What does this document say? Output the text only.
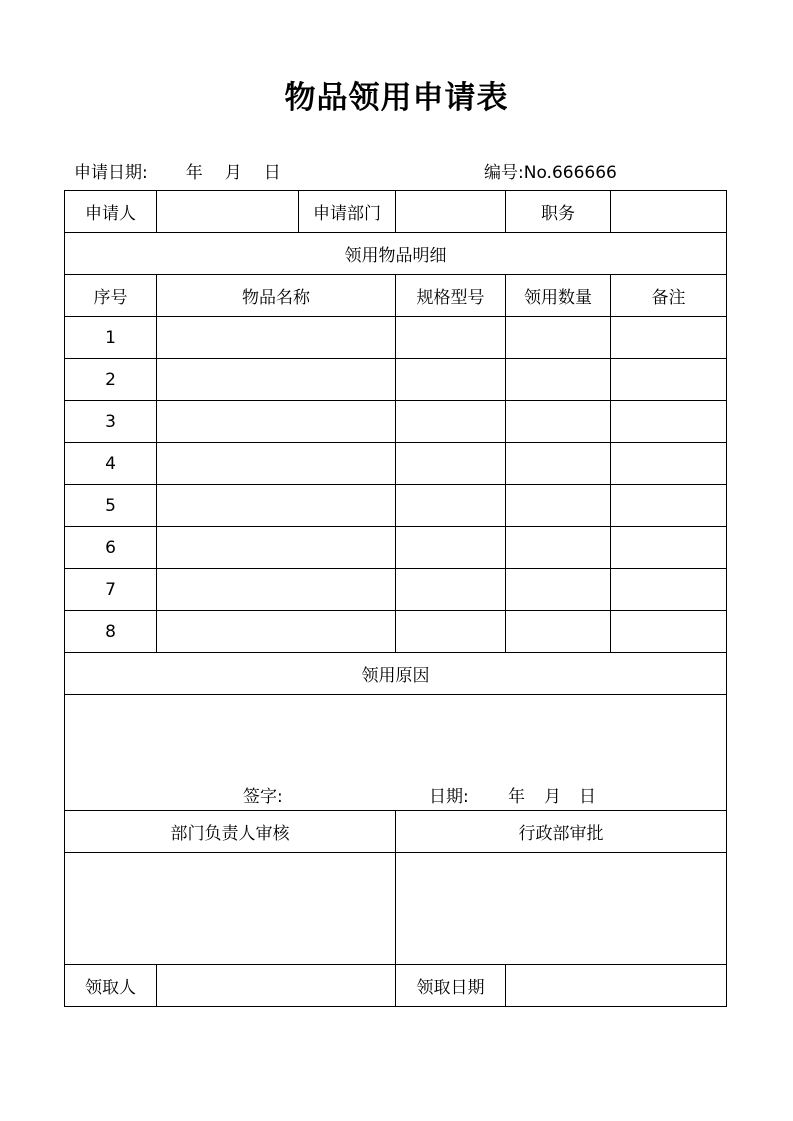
物品领用申请表
申请日期: 年 月 日	编号:No.666666
申请人		申请部门		职务	
领用物品明细					
序号	物品名称		规格型号	领用数量	备注
1					
2					
3					
4					
5					
6					
7					
8					
领用原因					

签字: 日期: 年 月 日					

部门负责人审核			行政部审批		

领取人			领取日期		
